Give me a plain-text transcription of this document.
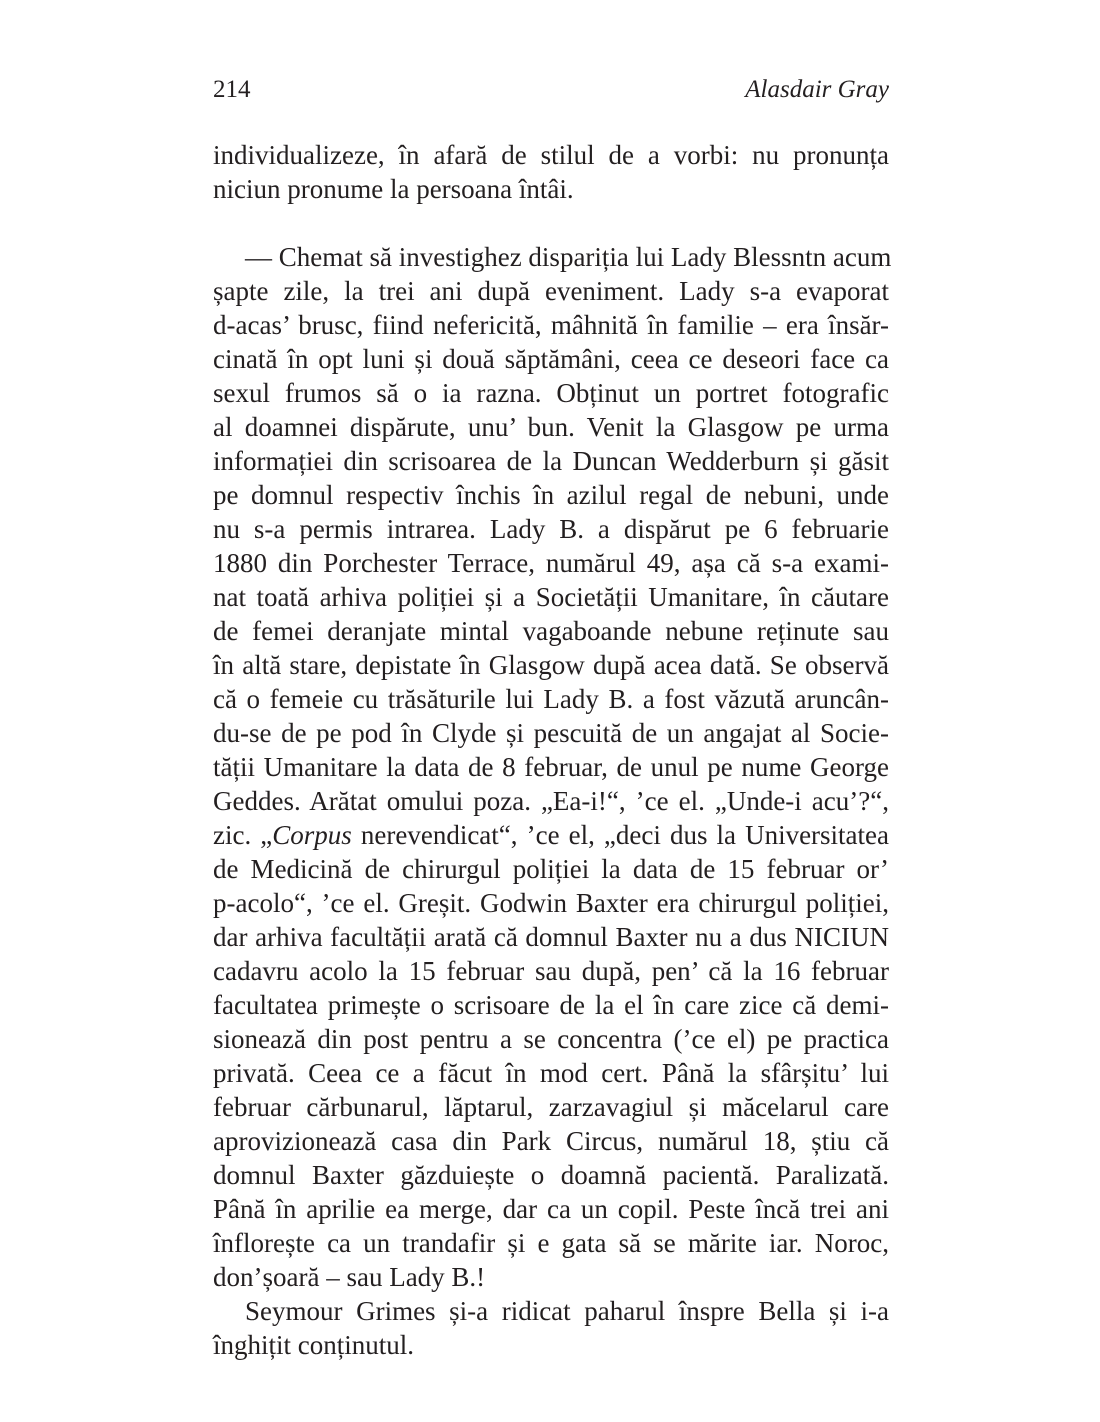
214	Alasdair Gray
individualizeze, în afară de stilul de a vorbi: nu pronunța
niciun pronume la persoana întâi.
— Chemat să investighez dispariția lui Lady Blessntn acum
șapte zile, la trei ani după eveniment. Lady s-a evaporat
d-acas’ brusc, fiind nefericită, mâhnită în familie – era însăr-
cinată în opt luni și două săptămâni, ceea ce deseori face ca
sexul frumos să o ia razna. Obținut un portret fotografic
al doamnei dispărute, unu’ bun. Venit la Glasgow pe urma
informației din scrisoarea de la Duncan Wedderburn și găsit
pe domnul respectiv închis în azilul regal de nebuni, unde
nu s-a permis intrarea. Lady B. a dispărut pe 6 februarie
1880 din Porchester Terrace, numărul 49, așa că s-a exami-
nat toată arhiva poliției și a Societății Umanitare, în căutare
de femei deranjate mintal vagaboande nebune reținute sau
în altă stare, depistate în Glasgow după acea dată. Se observă
că o femeie cu trăsăturile lui Lady B. a fost văzută aruncân-
du-se de pe pod în Clyde și pescuită de un angajat al Socie-
tății Umanitare la data de 8 februar, de unul pe nume George
Geddes. Arătat omului poza. „Ea-i!“, ’ce el. „Unde-i acu’?“,
zic. „Corpus nerevendicat“, ’ce el, „deci dus la Universitatea
de Medicină de chirurgul poliției la data de 15 februar or’
p-acolo“, ’ce el. Greșit. Godwin Baxter era chirurgul poliției,
dar arhiva facultății arată că domnul Baxter nu a dus NICIUN
cadavru acolo la 15 februar sau după, pen’ că la 16 februar
facultatea primește o scrisoare de la el în care zice că demi-
sionează din post pentru a se concentra (’ce el) pe practica
privată. Ceea ce a făcut în mod cert. Până la sfârșitu’ lui
februar cărbunarul, lăptarul, zarzavagiul și măcelarul care
aprovizionează casa din Park Circus, numărul 18, știu că
domnul Baxter găzduiește o doamnă pacientă. Paralizată.
Până în aprilie ea merge, dar ca un copil. Peste încă trei ani
înflorește ca un trandafir și e gata să se mărite iar. Noroc,
don’șoară – sau Lady B.!
Seymour Grimes și-a ridicat paharul înspre Bella și i-a
înghițit conținutul.
